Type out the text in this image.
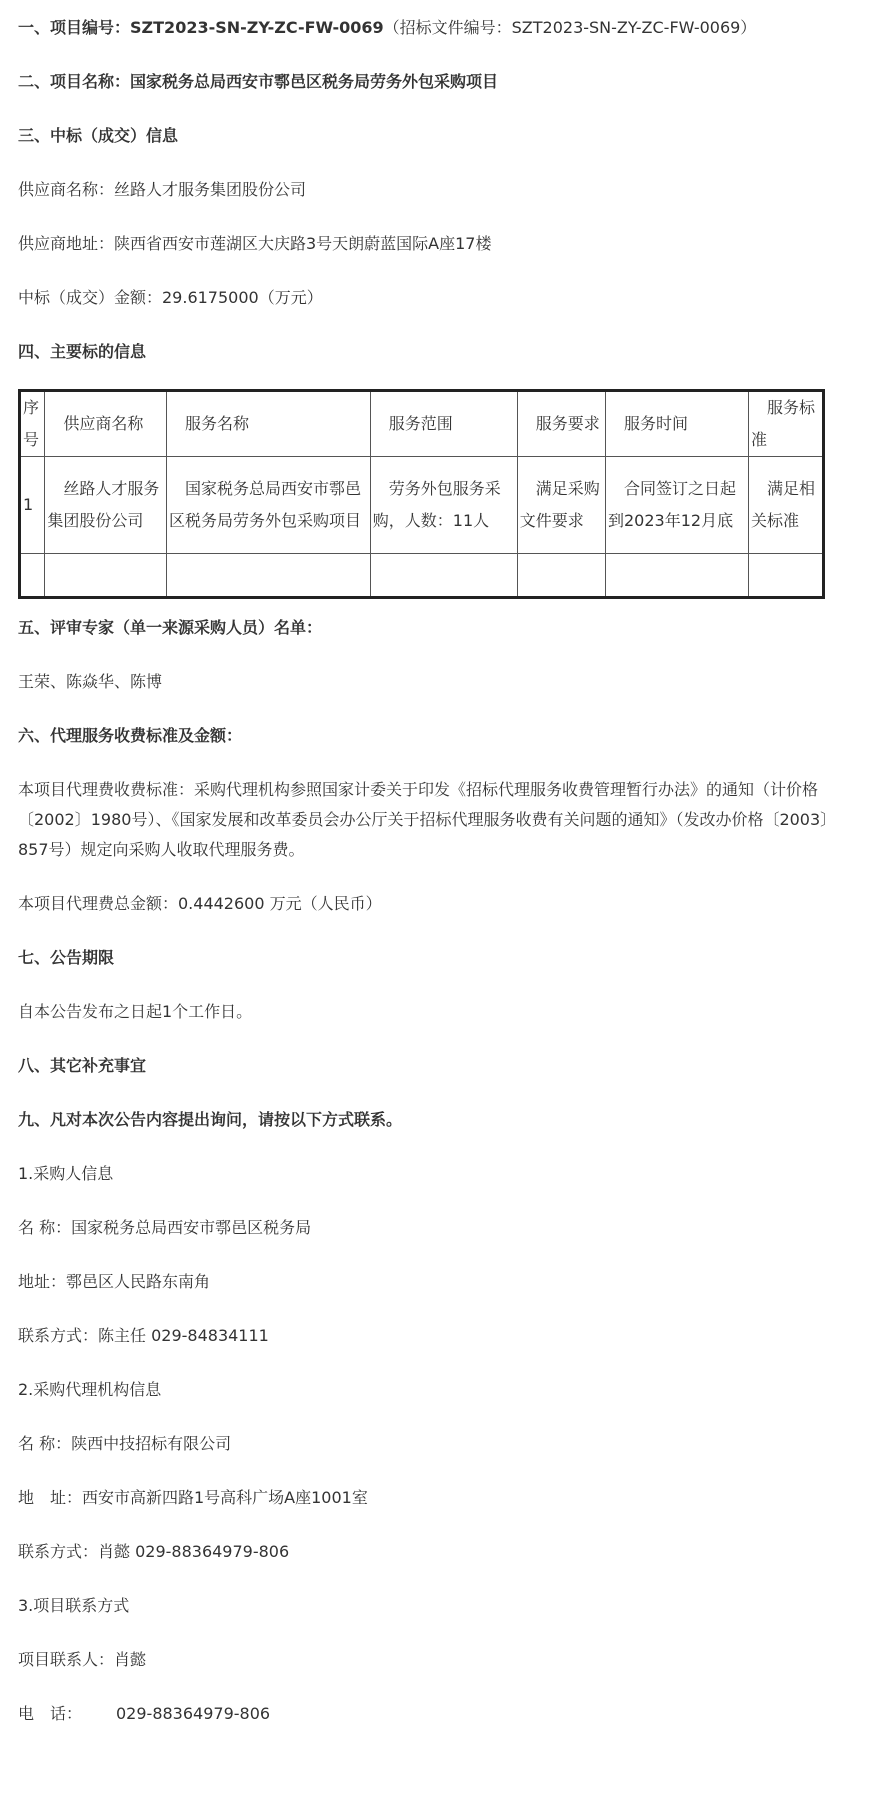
一、项目编号：SZT2023-SN-ZY-ZC-FW-0069（招标文件编号：SZT2023-SN-ZY-ZC-FW-0069）

二、项目名称：国家税务总局西安市鄠邑区税务局劳务外包采购项目

三、中标（成交）信息

供应商名称：丝路人才服务集团股份公司

供应商地址：陕西省西安市莲湖区大庆路3号天朗蔚蓝国际A座17楼

中标（成交）金额：29.6175000（万元）

四、主要标的信息

序号	供应商名称	服务名称	服务范围	服务要求	服务时间	服务标准
1	丝路人才服务集团股份公司	国家税务总局西安市鄠邑区税务局劳务外包采购项目	劳务外包服务采购，人数：11人	满足采购文件要求	合同签订之日起到2023年12月底	满足相关标准

五、评审专家（单一来源采购人员）名单：

王荣、陈焱华、陈博

六、代理服务收费标准及金额：

本项目代理费收费标准：采购代理机构参照国家计委关于印发《招标代理服务收费管理暂行办法》的通知（计价格〔2002〕1980号）、《国家发展和改革委员会办公厅关于招标代理服务收费有关问题的通知》（发改办价格〔2003〕857号）规定向采购人收取代理服务费。

本项目代理费总金额：0.4442600 万元（人民币）

七、公告期限

自本公告发布之日起1个工作日。

八、其它补充事宜

九、凡对本次公告内容提出询问，请按以下方式联系。

1.采购人信息

名 称：国家税务总局西安市鄠邑区税务局

地址：鄠邑区人民路东南角

联系方式：陈主任 029-84834111

2.采购代理机构信息

名 称：陕西中技招标有限公司

地　址：西安市高新四路1号高科广场A座1001室

联系方式：肖懿 029-88364979-806

3.项目联系方式

项目联系人：肖懿

电　话： 029-88364979-806
